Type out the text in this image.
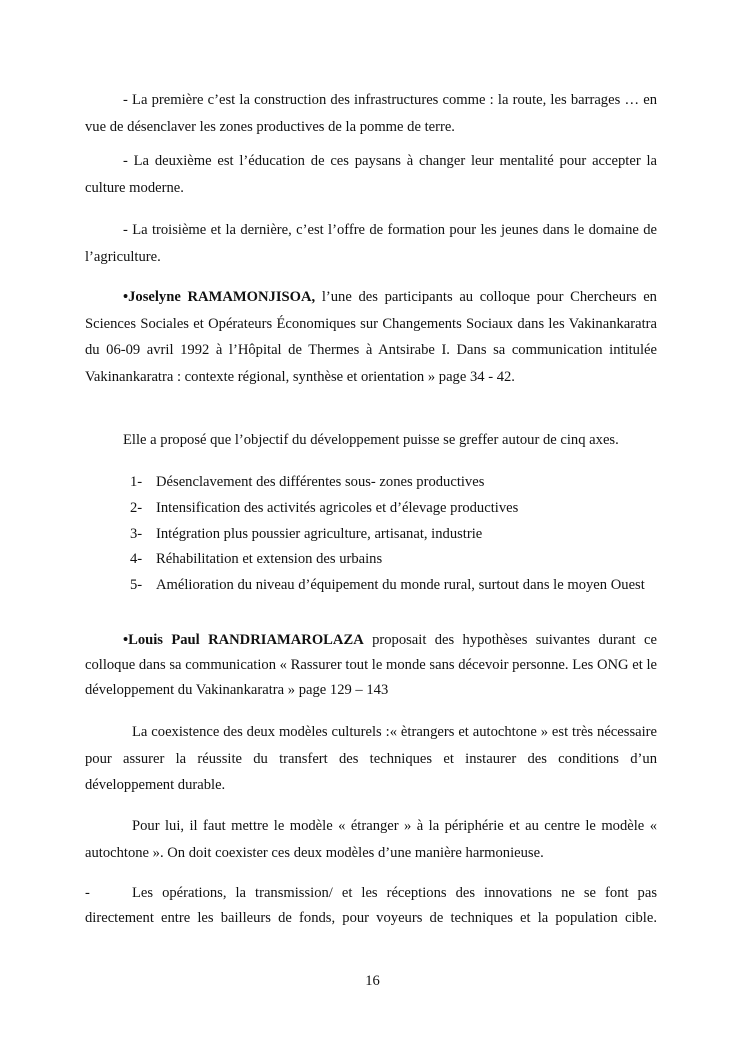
- La première c’est la construction des infrastructures comme : la route, les barrages … en vue de désenclaver les zones productives de la pomme de terre.

- La deuxième est l’éducation de ces paysans à changer leur mentalité pour accepter la culture moderne.

- La troisième et la dernière, c’est l’offre de formation pour les jeunes dans le domaine de l’agriculture.

•Joselyne RAMAMONJISOA, l’une des participants au colloque pour Chercheurs en Sciences Sociales et Opérateurs Économiques sur Changements Sociaux dans les Vakinankaratra du 06-09 avril 1992 à l’Hôpital de Thermes à Antsirabe I. Dans sa communication intitulée Vakinankaratra : contexte régional, synthèse et orientation » page 34 - 42.

Elle a proposé que l’objectif du développement puisse se greffer autour de cinq axes.

1- Désenclavement des différentes sous- zones productives
2- Intensification des activités agricoles et d’élevage productives
3- Intégration plus poussier agriculture, artisanat, industrie
4- Réhabilitation et extension des urbains
5- Amélioration du niveau d’équipement du monde rural, surtout dans le moyen Ouest

•Louis Paul RANDRIAMAROLAZA proposait des hypothèses suivantes durant ce colloque dans sa communication « Rassurer tout le monde sans décevoir personne. Les ONG et le développement du Vakinankaratra » page 129 – 143

La coexistence des deux modèles culturels :« ètrangers et autochtone » est très nécessaire pour assurer la réussite du transfert des techniques et instaurer des conditions d’un développement durable.

Pour lui, il faut mettre le modèle « étranger » à la périphérie et au centre le modèle « autochtone ». On doit coexister ces deux modèles d’une manière harmonieuse.

-	Les opérations, la transmission/ et les réceptions des innovations ne se font pas directement entre les bailleurs de fonds, pour voyeurs de techniques et la population cible.

16
